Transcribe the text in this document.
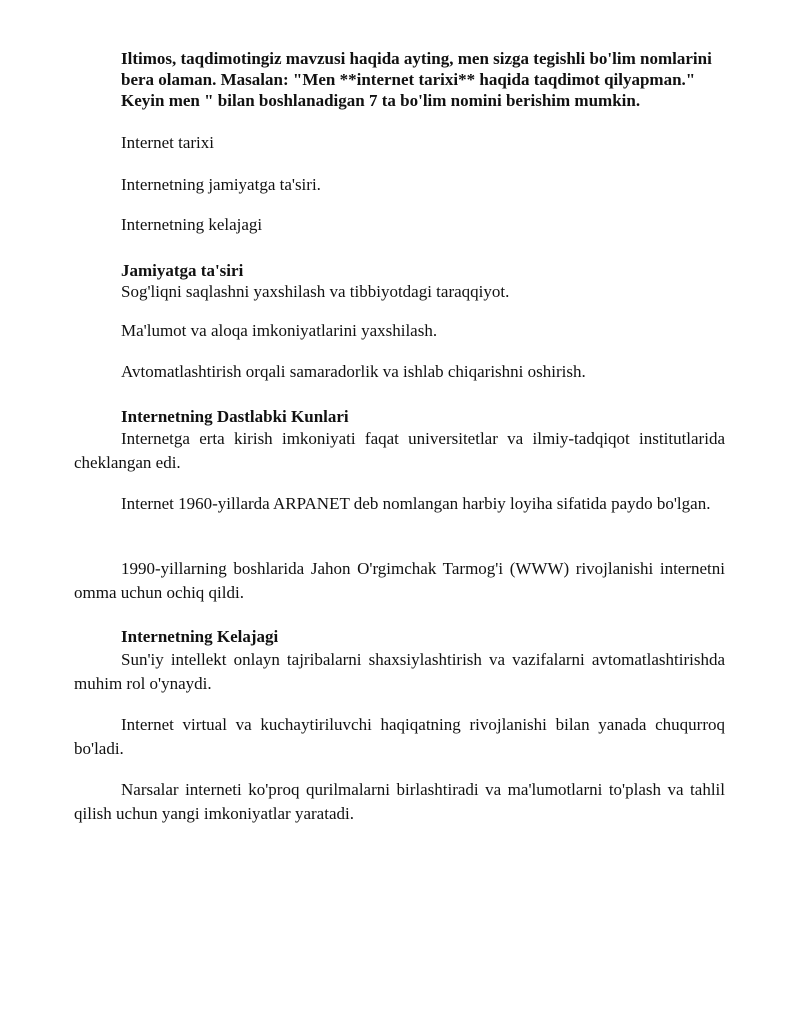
Iltimos, taqdimotingiz mavzusi haqida ayting, men sizga tegishli bo'lim nomlarini bera olaman. Masalan: "Men **internet tarixi** haqida taqdimot qilyapman." Keyin men " bilan boshlanadigan 7 ta bo'lim nomini berishim mumkin.
Internet tarixi
Internetning jamiyatga ta'siri.
Internetning kelajagi
Jamiyatga ta'siri
Sog'liqni saqlashni yaxshilash va tibbiyotdagi taraqqiyot.
Ma'lumot va aloqa imkoniyatlarini yaxshilash.
Avtomatlashtirish orqali samaradorlik va ishlab chiqarishni oshirish.
Internetning Dastlabki Kunlari
Internetga erta kirish imkoniyati faqat universitetlar va ilmiy-tadqiqot institutlarida cheklangan edi.
Internet 1960-yillarda ARPANET deb nomlangan harbiy loyiha sifatida paydo bo'lgan.
1990-yillarning boshlarida Jahon O'rgimchak Tarmog'i (WWW) rivojlanishi internetni omma uchun ochiq qildi.
Internetning Kelajagi
Sun'iy intellekt onlayn tajribalarni shaxsiylashtirish va vazifalarni avtomatlashtirishda muhim rol o'ynaydi.
Internet virtual va kuchaytiriluvchi haqiqatning rivojlanishi bilan yanada chuqurroq bo'ladi.
Narsalar interneti ko'proq qurilmalarni birlashtiradi va ma'lumotlarni to'plash va tahlil qilish uchun yangi imkoniyatlar yaratadi.
